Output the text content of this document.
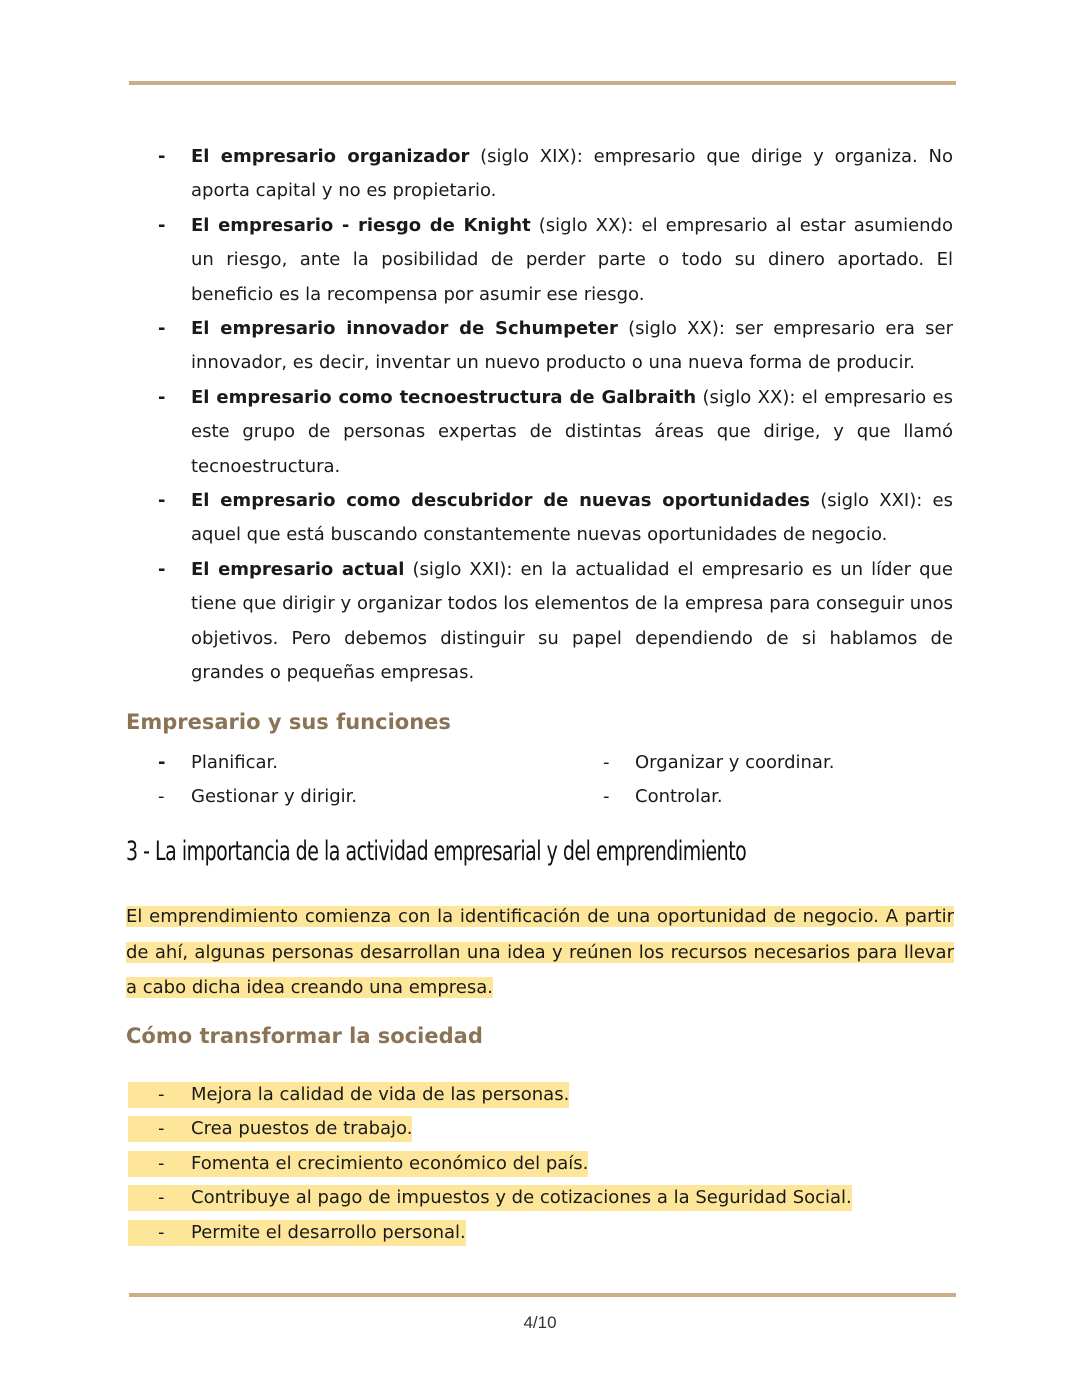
- El empresario organizador (siglo XIX): empresario que dirige y organiza. No aporta capital y no es propietario.
- El empresario - riesgo de Knight (siglo XX): el empresario al estar asumiendo un riesgo, ante la posibilidad de perder parte o todo su dinero aportado. El beneficio es la recompensa por asumir ese riesgo.
- El empresario innovador de Schumpeter (siglo XX): ser empresario era ser innovador, es decir, inventar un nuevo producto o una nueva forma de producir.
- El empresario como tecnoestructura de Galbraith (siglo XX): el empresario es este grupo de personas expertas de distintas áreas que dirige, y que llamó tecnoestructura.
- El empresario como descubridor de nuevas oportunidades (siglo XXI): es aquel que está buscando constantemente nuevas oportunidades de negocio.
- El empresario actual (siglo XXI): en la actualidad el empresario es un líder que tiene que dirigir y organizar todos los elementos de la empresa para conseguir unos objetivos. Pero debemos distinguir su papel dependiendo de si hablamos de grandes o pequeñas empresas.
Empresario y sus funciones
- Planificar.	- Organizar y coordinar.
- Gestionar y dirigir.	- Controlar.
3 - La importancia de la actividad empresarial y del emprendimiento

El emprendimiento comienza con la identificación de una oportunidad de negocio. A partir de ahí, algunas personas desarrollan una idea y reúnen los recursos necesarios para llevar a cabo dicha idea creando una empresa.

Cómo transformar la sociedad
- Mejora la calidad de vida de las personas.
- Crea puestos de trabajo.
- Fomenta el crecimiento económico del país.
- Contribuye al pago de impuestos y de cotizaciones a la Seguridad Social.
- Permite el desarrollo personal.
4/10
